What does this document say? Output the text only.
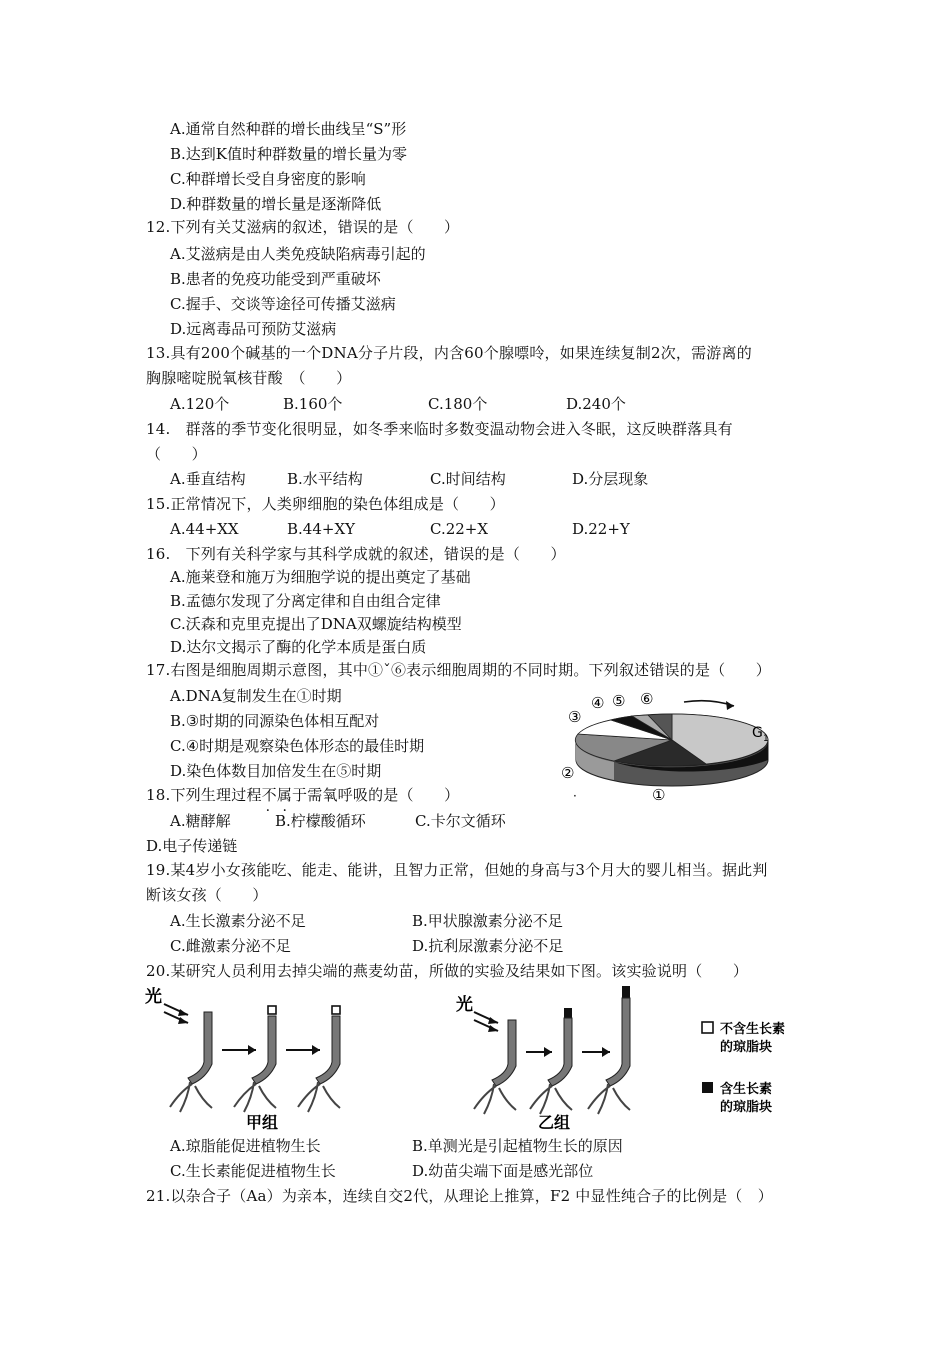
A.通常自然种群的增长曲线呈“S”形
B.达到K值时种群数量的增长量为零
C.种群增长受自身密度的影响
D.种群数量的增长量是逐渐降低
12.下列有关艾滋病的叙述，错误的是（　　）
A.艾滋病是由人类免疫缺陷病毒引起的
B.患者的免疫功能受到严重破坏
C.握手、交谈等途径可传播艾滋病
D.远离毒品可预防艾滋病
13.具有200个碱基的一个DNA分子片段，内含60个腺嘌呤，如果连续复制2次，需游离的
胸腺嘧啶脱氧核苷酸　（　　）
A.120个	B.160个	C.180个	D.240个
14.　群落的季节变化很明显，如冬季来临时多数变温动物会进入冬眠，这反映群落具有
（　　）
A.垂直结构	B.水平结构	C.时间结构	D.分层现象
15.正常情况下，人类卵细胞的染色体组成是（　　）
A.44+XX	B.44+XY	C.22+X	D.22+Y
16.　下列有关科学家与其科学成就的叙述，错误的是（　　）
A.施莱登和施万为细胞学说的提出奠定了基础
B.孟德尔发现了分离定律和自由组合定律
C.沃森和克里克提出了DNA双螺旋结构模型
D.达尔文揭示了酶的化学本质是蛋白质
17.右图是细胞周期示意图，其中①ˇ⑥表示细胞周期的不同时期。下列叙述错误的是（　　）
A.DNA复制发生在①时期
B.③时期的同源染色体相互配对
C.④时期是观察染色体形态的最佳时期
D.染色体数目加倍发生在⑤时期
③
④ ⑤ ⑥
②
①
G 1
·
18.下列生理过程不属于 · ·需氧呼吸的是（　　）
A.糖酵解	B.柠檬酸循环	C.卡尔文循环
D.电子传递链
19.某4岁小女孩能吃、能走、能讲，且智力正常，但她的身高与3个月大的婴儿相当。据此判
断该女孩（　　）
A.生长激素分泌不足	B.甲状腺激素分泌不足
C.雌激素分泌不足	D.抗利尿激素分泌不足
20.某研究人员利用去掉尖端的燕麦幼苗，所做的实验及结果如下图。该实验说明（　　）
光
甲组
光
乙组
不含生长素
的琼脂块
含生长素
的琼脂块
A.琼脂能促进植物生长	B.单测光是引起植物生长的原因
C.生长素能促进植物生长	D.幼苗尖端下面是感光部位
21.以杂合子（Aa）为亲本，连续自交2代，从理论上推算，F2 中显性纯合子的比例是（　）
